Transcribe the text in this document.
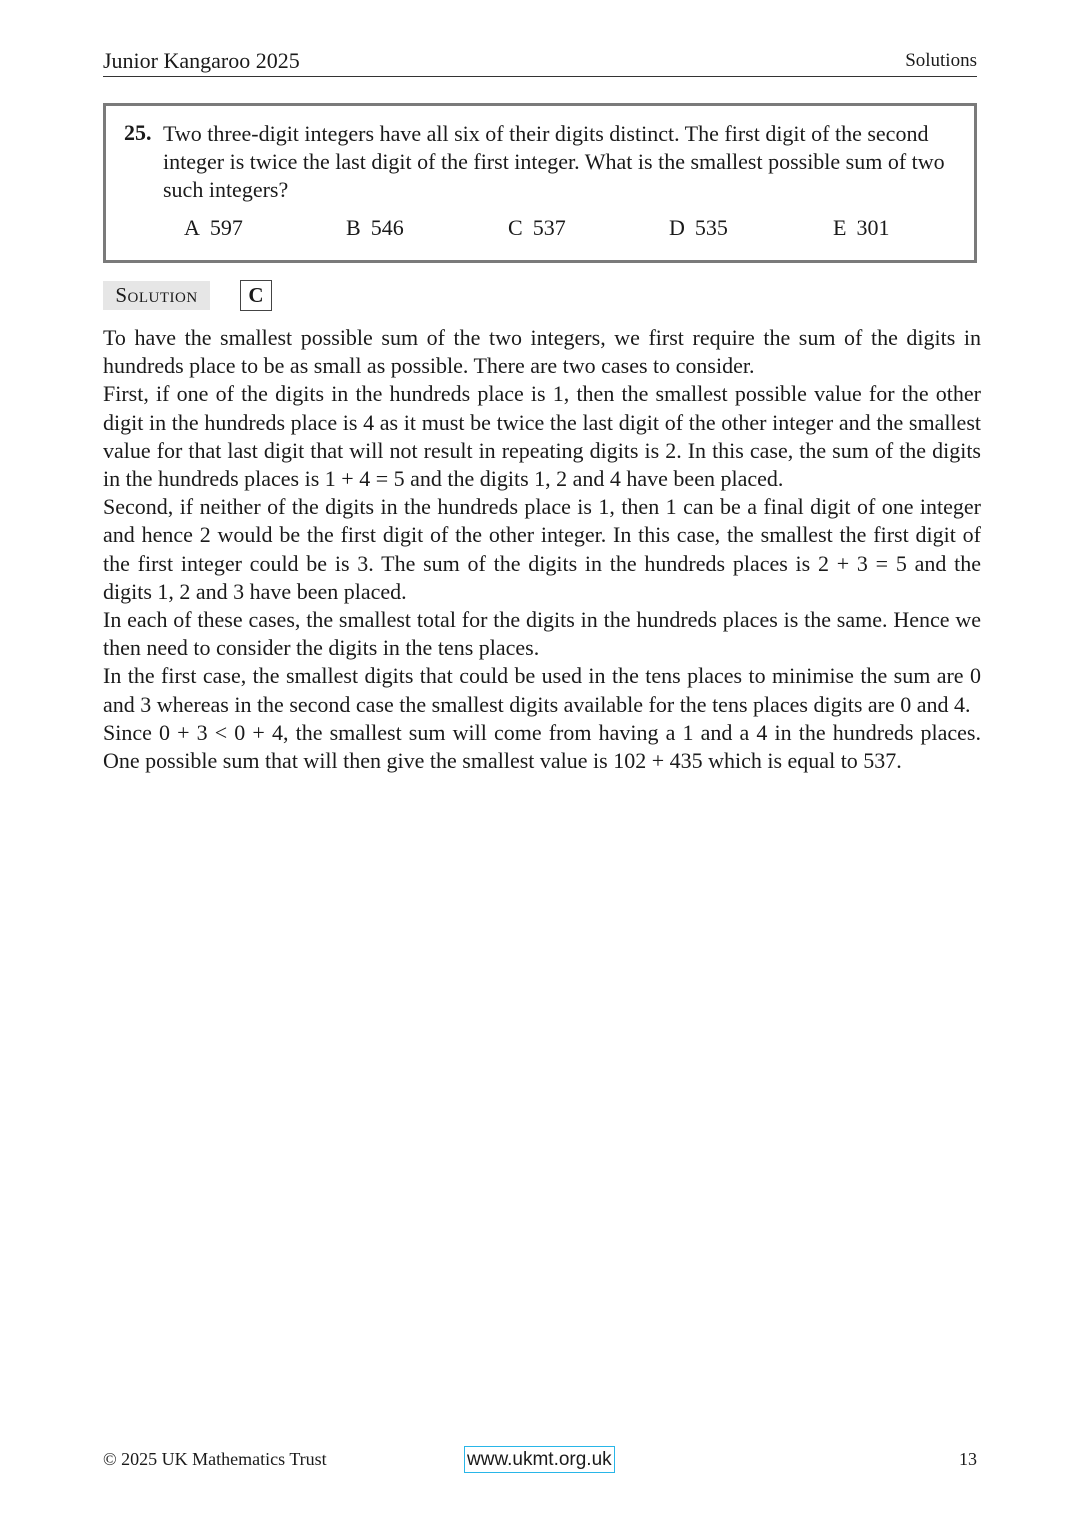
Junior Kangaroo 2025	Solutions
25. Two three-digit integers have all six of their digits distinct. The first digit of the second integer is twice the last digit of the first integer. What is the smallest possible sum of two such integers?
A 597	B 546	C 537	D 535	E 301
Solution	C

To have the smallest possible sum of the two integers, we first require the sum of the digits in hundreds place to be as small as possible. There are two cases to consider.

First, if one of the digits in the hundreds place is 1, then the smallest possible value for the other digit in the hundreds place is 4 as it must be twice the last digit of the other integer and the smallest value for that last digit that will not result in repeating digits is 2. In this case, the sum of the digits in the hundreds places is 1 + 4 = 5 and the digits 1, 2 and 4 have been placed.

Second, if neither of the digits in the hundreds place is 1, then 1 can be a final digit of one integer and hence 2 would be the first digit of the other integer. In this case, the smallest the first digit of the first integer could be is 3. The sum of the digits in the hundreds places is 2 + 3 = 5 and the digits 1, 2 and 3 have been placed.

In each of these cases, the smallest total for the digits in the hundreds places is the same. Hence we then need to consider the digits in the tens places.

In the first case, the smallest digits that could be used in the tens places to minimise the sum are 0 and 3 whereas in the second case the smallest digits available for the tens places digits are 0 and 4.

Since 0 + 3 < 0 + 4, the smallest sum will come from having a 1 and a 4 in the hundreds places. One possible sum that will then give the smallest value is 102 + 435 which is equal to 537.

© 2025 UK Mathematics Trust	www.ukmt.org.uk	13
